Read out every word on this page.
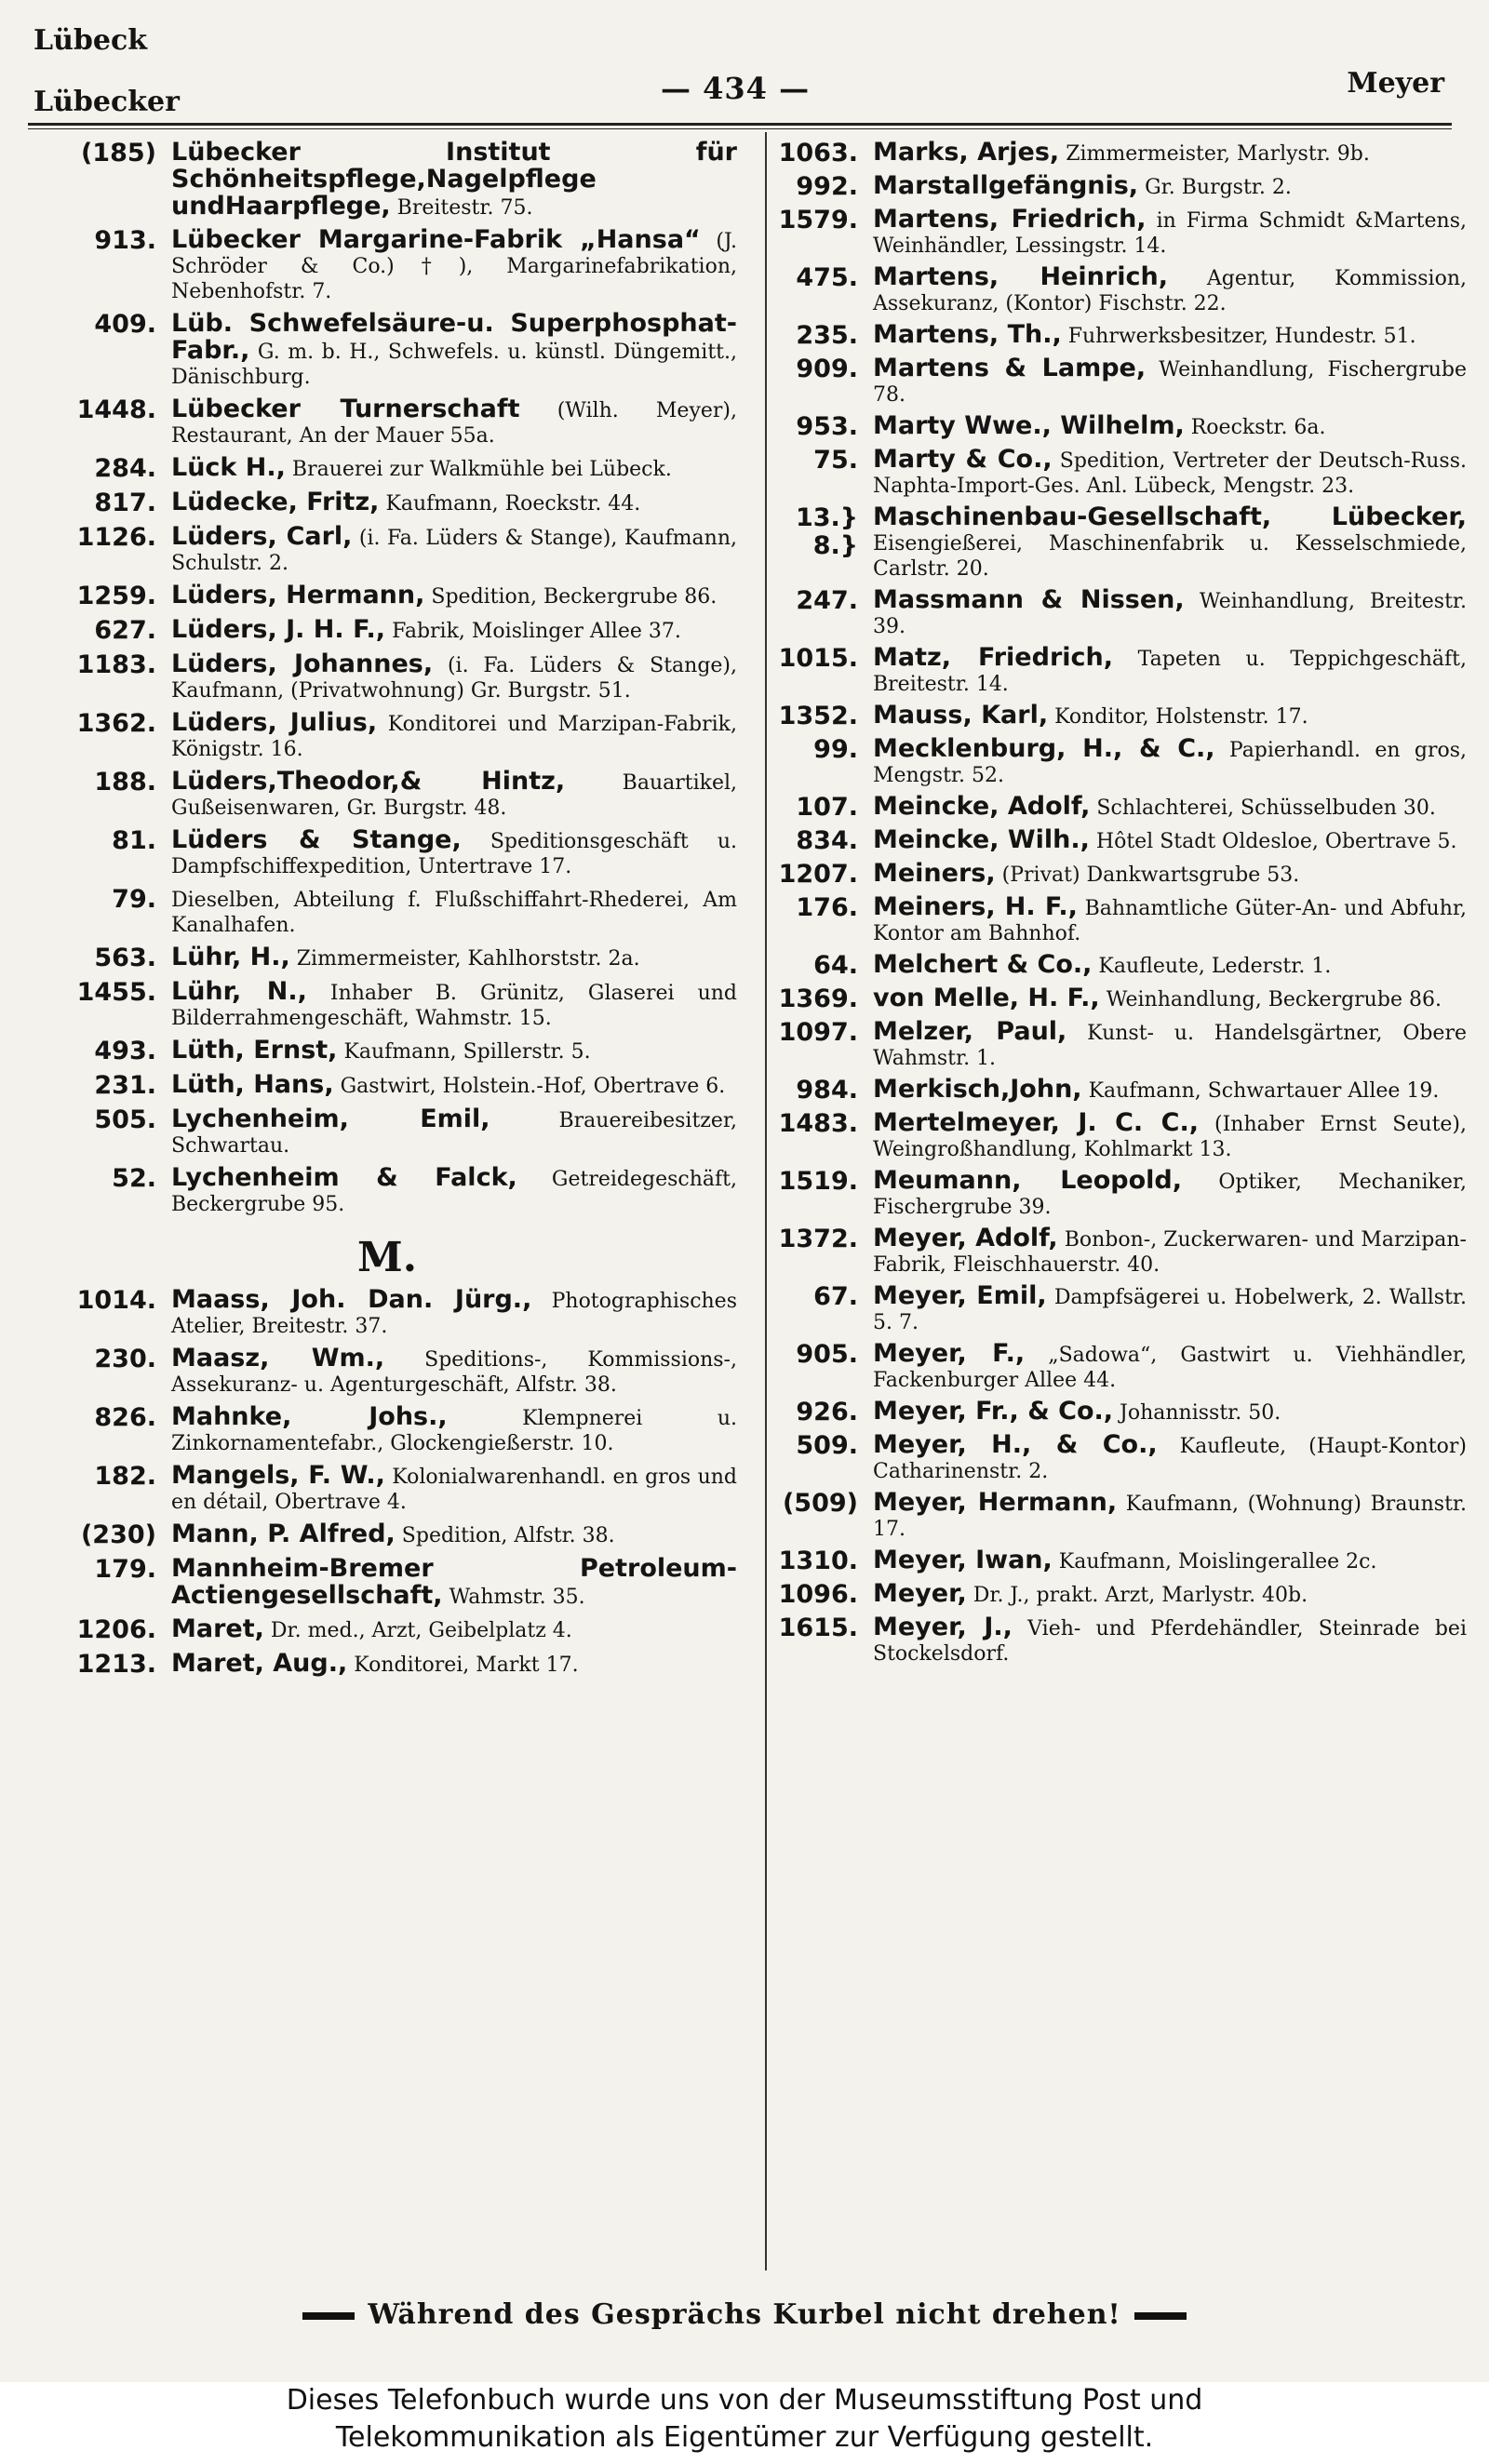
Lübeck
Lübecker	— 434 —	Meyer
(185) Lübecker Institut für Schönheitspflege,Nagelpflege undHaarpflege, Breitestr. 75.
913. Lübecker Margarine-Fabrik „Hansa“ (J. Schröder & Co.)†), Margarinefabrikation, Nebenhofstr. 7.
409. Lüb. Schwefelsäure-u. Superphosphat-Fabr., G. m. b. H., Schwefels. u. künstl. Düngemitt., Dänischburg.
1448. Lübecker Turnerschaft (Wilh. Meyer), Restaurant, An der Mauer 55a.
284. Lück H., Brauerei zur Walkmühle bei Lübeck.
817. Lüdecke, Fritz, Kaufmann, Roeckstr. 44.
1126. Lüders, Carl, (i. Fa. Lüders & Stange), Kaufmann, Schulstr. 2.
1259. Lüders, Hermann, Spedition, Beckergrube 86.
627. Lüders, J. H. F., Fabrik, Moislinger Allee 37.
1183. Lüders, Johannes, (i. Fa. Lüders & Stange), Kaufmann, (Privatwohnung) Gr. Burgstr. 51.
1362. Lüders, Julius, Konditorei und Marzipan-Fabrik, Königstr. 16.
188. Lüders,Theodor,& Hintz,	Bauartikel, Gußeisenwaren, Gr. Burgstr. 48.
81. Lüders & Stange, Speditionsgeschäft u. Dampfschiffexpedition, Untertrave 17.
79. Dieselben, Abteilung f. Flußschiffahrt-Rhederei, Am Kanalhafen.
563. Lühr, H., Zimmermeister, Kahlhorststr. 2a.
1455. Lühr, N., Inhaber B. Grünitz, Glaserei und Bilderrahmengeschäft, Wahmstr. 15.
493. Lüth, Ernst, Kaufmann, Spillerstr. 5.
231. Lüth, Hans, Gastwirt, Holstein.-Hof, Obertrave 6.
505. Lychenheim, Emil,	Brauereibesitzer, Schwartau.
52. Lychenheim & Falck, Getreidegeschäft, Beckergrube 95.
M.
1014. Maass, Joh. Dan. Jürg., Photographisches Atelier, Breitestr. 37.
230. Maasz, Wm., Speditions-, Kommissions-, Assekuranz- u. Agenturgeschäft, Alfstr. 38.
826. Mahnke, Johs.,	Klempnerei u. Zinkornamentefabr., Glockengießerstr. 10.
182. Mangels, F. W., Kolonialwarenhandl. en gros und en détail, Obertrave 4.
(230) Mann, P. Alfred, Spedition, Alfstr. 38.
179. Mannheim-Bremer Petroleum-Actiengesellschaft, Wahmstr. 35.
1206. Maret, Dr. med., Arzt, Geibelplatz 4.
1213. Maret, Aug., Konditorei, Markt 17.
1063. Marks, Arjes, Zimmermeister, Marlystr. 9b.
992. Marstallgefängnis, Gr. Burgstr. 2.
1579. Martens, Friedrich, in Firma Schmidt &Martens, Weinhändler, Lessingstr. 14.
475. Martens, Heinrich, Agentur, Kommission, Assekuranz, (Kontor) Fischstr. 22.
235. Martens, Th., Fuhrwerksbesitzer, Hundestr. 51.
909. Martens & Lampe, Weinhandlung, Fischergrube 78.
953. Marty Wwe., Wilhelm, Roeckstr. 6a.
75. Marty & Co., Spedition, Vertreter der Deutsch-Russ. Naphta-Import-Ges. Anl. Lübeck, Mengstr. 23.
13.} 8.}
Maschinenbau-Gesellschaft, Lübecker, Eisengießerei, Maschinenfabrik u. Kesselschmiede, Carlstr. 20.
247. Massmann & Nissen, Weinhandlung, Breitestr. 39.
1015. Matz, Friedrich, Tapeten u. Teppichgeschäft, Breitestr. 14.
1352. Mauss, Karl, Konditor, Holstenstr. 17.
99. Mecklenburg, H., & C., Papierhandl. en gros, Mengstr. 52.
107. Meincke, Adolf, Schlachterei, Schüsselbuden 30.
834. Meincke, Wilh., Hôtel Stadt Oldesloe, Obertrave 5.
1207. Meiners, (Privat) Dankwartsgrube 53.
176. Meiners, H. F., Bahnamtliche Güter-An- und Abfuhr, Kontor am Bahnhof.
64. Melchert & Co., Kaufleute, Lederstr. 1.
1369. von Melle, H. F., Weinhandlung, Beckergrube 86.
1097. Melzer, Paul, Kunst- u. Handelsgärtner, Obere Wahmstr. 1.
984. Merkisch,John, Kaufmann, Schwartauer Allee 19.
1483. Mertelmeyer, J. C. C., (Inhaber Ernst Seute), Weingroßhandlung, Kohlmarkt 13.
1519. Meumann, Leopold, Optiker, Mechaniker, Fischergrube 39.
1372. Meyer, Adolf, Bonbon-, Zuckerwaren- und Marzipan-Fabrik, Fleischhauerstr. 40.
67. Meyer, Emil, Dampfsägerei u. Hobelwerk, 2. Wallstr. 5. 7.
905. Meyer, F., „Sadowa“, Gastwirt u. Viehhändler, Fackenburger Allee 44.
926. Meyer, Fr., & Co., Johannisstr. 50.
509. Meyer, H., & Co., Kaufleute, (Haupt-Kontor) Catharinenstr. 2.
(509) Meyer, Hermann, Kaufmann, (Wohnung) Braunstr. 17.
1310. Meyer, Iwan, Kaufmann, Moislingerallee 2c.
1096. Meyer, Dr. J., prakt. Arzt, Marlystr. 40b.
1615. Meyer, J., Vieh- und Pferdehändler, Steinrade bei Stockelsdorf.
Während des Gesprächs Kurbel nicht drehen!
Dieses Telefonbuch wurde uns von der Museumsstiftung Post und
Telekommunikation als Eigentümer zur Verfügung gestellt.
